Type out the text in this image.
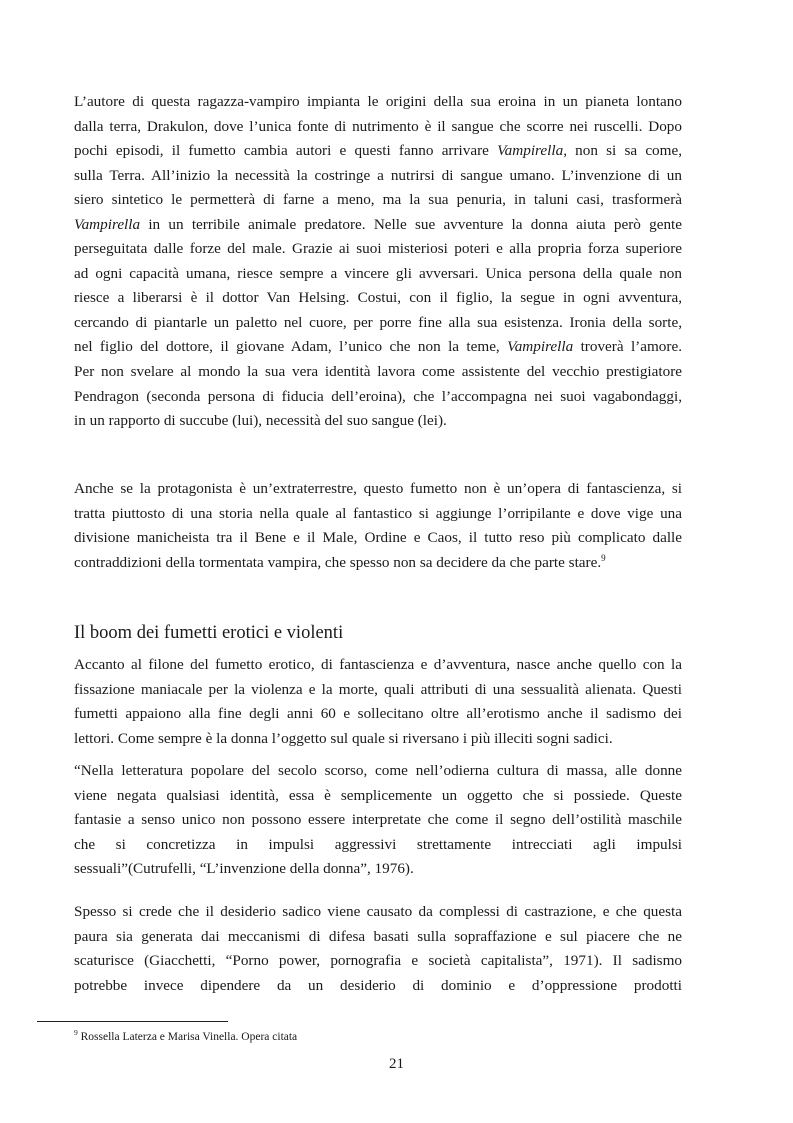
L’autore di questa ragazza-vampiro impianta le origini della sua eroina in un pianeta lontano
dalla terra, Drakulon, dove l’unica fonte di nutrimento è il sangue che scorre nei ruscelli. Dopo
pochi episodi, il fumetto cambia autori e questi fanno arrivare Vampirella, non si sa come,
sulla Terra. All’inizio la necessità la costringe a nutrirsi di sangue umano. L’invenzione di un
siero sintetico le permetterà di farne a meno, ma la sua penuria, in taluni casi, trasformerà
Vampirella in un terribile animale predatore. Nelle sue avventure la donna aiuta però gente
perseguitata dalle forze del male. Grazie ai suoi misteriosi poteri e alla propria forza superiore
ad ogni capacità umana, riesce sempre a vincere gli avversari. Unica persona della quale non
riesce a liberarsi è il dottor Van Helsing. Costui, con il figlio, la segue in ogni avventura,
cercando di piantarle un paletto nel cuore, per porre fine alla sua esistenza. Ironia della sorte,
nel figlio del dottore, il giovane Adam, l’unico che non la teme, Vampirella troverà l’amore.
Per non svelare al mondo la sua vera identità lavora come assistente del vecchio prestigiatore
Pendragon (seconda persona di fiducia dell’eroina), che l’accompagna nei suoi vagabondaggi,
in un rapporto di succube (lui), necessità del suo sangue (lei).
Anche se la protagonista è un’extraterrestre, questo fumetto non è un’opera di fantascienza, si
tratta piuttosto di una storia nella quale al fantastico si aggiunge l’orripilante e dove vige una
divisione manicheista tra il Bene e il Male, Ordine e Caos, il tutto reso più complicato dalle
contraddizioni della tormentata vampira, che spesso non sa decidere da che parte stare.$^9$
Il boom dei fumetti erotici e violenti
Accanto al filone del fumetto erotico, di fantascienza e d’avventura, nasce anche quello con la
fissazione maniacale per la violenza e la morte, quali attributi di una sessualità alienata. Questi
fumetti appaiono alla fine degli anni 60 e sollecitano oltre all’erotismo anche il sadismo dei
lettori. Come sempre è la donna l’oggetto sul quale si riversano i più illeciti sogni sadici.
“Nella letteratura popolare del secolo scorso, come nell’odierna cultura di massa, alle donne
viene negata qualsiasi identità, essa è semplicemente un oggetto che si possiede. Queste
fantasie a senso unico non possono essere interpretate che come il segno dell’ostilità maschile
che si concretizza in impulsi aggressivi strettamente intrecciati agli impulsi
sessuali”(Cutrufelli, “L’invenzione della donna”, 1976).
Spesso si crede che il desiderio sadico viene causato da complessi di castrazione, e che questa
paura sia generata dai meccanismi di difesa basati sulla sopraffazione e sul piacere che ne
scaturisce (Giacchetti, “Porno power, pornografia e società capitalista”, 1971). Il sadismo
potrebbe invece dipendere da un desiderio di dominio e d’oppressione prodotti

$^9$ Rossella Laterza e Marisa Vinella. Opera citata

21
